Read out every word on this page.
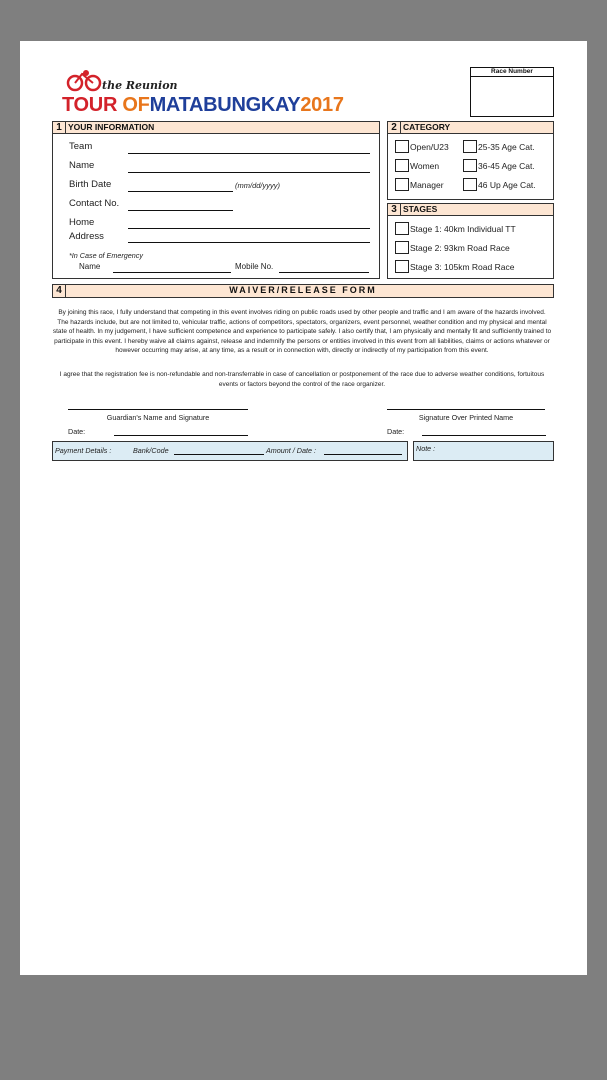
the Reunion
TOUR OFMATABUNGKAY2017
Race Number
1 YOUR INFORMATION
Team
Name
Birth Date	(mm/dd/yyyy)
Contact No.
Home
Address
*In Case of Emergency
Name	Mobile No.
2 CATEGORY
Open/U23	25-35 Age Cat.
Women	36-45 Age Cat.
Manager	46 Up Age Cat.
3 STAGES
Stage 1: 40km Individual TT
Stage 2: 93km Road Race
Stage 3: 105km Road Race
4	WAIVER/RELEASE FORM
By joining this race, I fully understand that competing in this event involves riding on public roads used by other people and traffic and I am aware of the hazards involved. The hazards include, but are not limited to, vehicular traffic, actions of competitors, spectators, organizers, event personnel, weather condition and my physical and mental state of health. In my judgement, I have sufficient competence and experience to participate safely. I also certify that, I am physically and mentally fit and sufficiently trained to participate in this event. I hereby waive all claims against, release and indemnify the persons or entities involved in this event from all liabilities, claims or actions whatever or however occurring may arise, at any time, as a result or in connection with, directly or indirectly of my participation from this event.
I agree that the registration fee is non-refundable and non-transferrable in case of cancellation or postponement of the race due to adverse weather conditions, fortuitous events or factors beyond the control of the race organizer.
Guardian's Name and Signature
Date:
Signature Over Printed Name
Date:
Payment Details :	Bank/Code	Amount / Date :	Note :
